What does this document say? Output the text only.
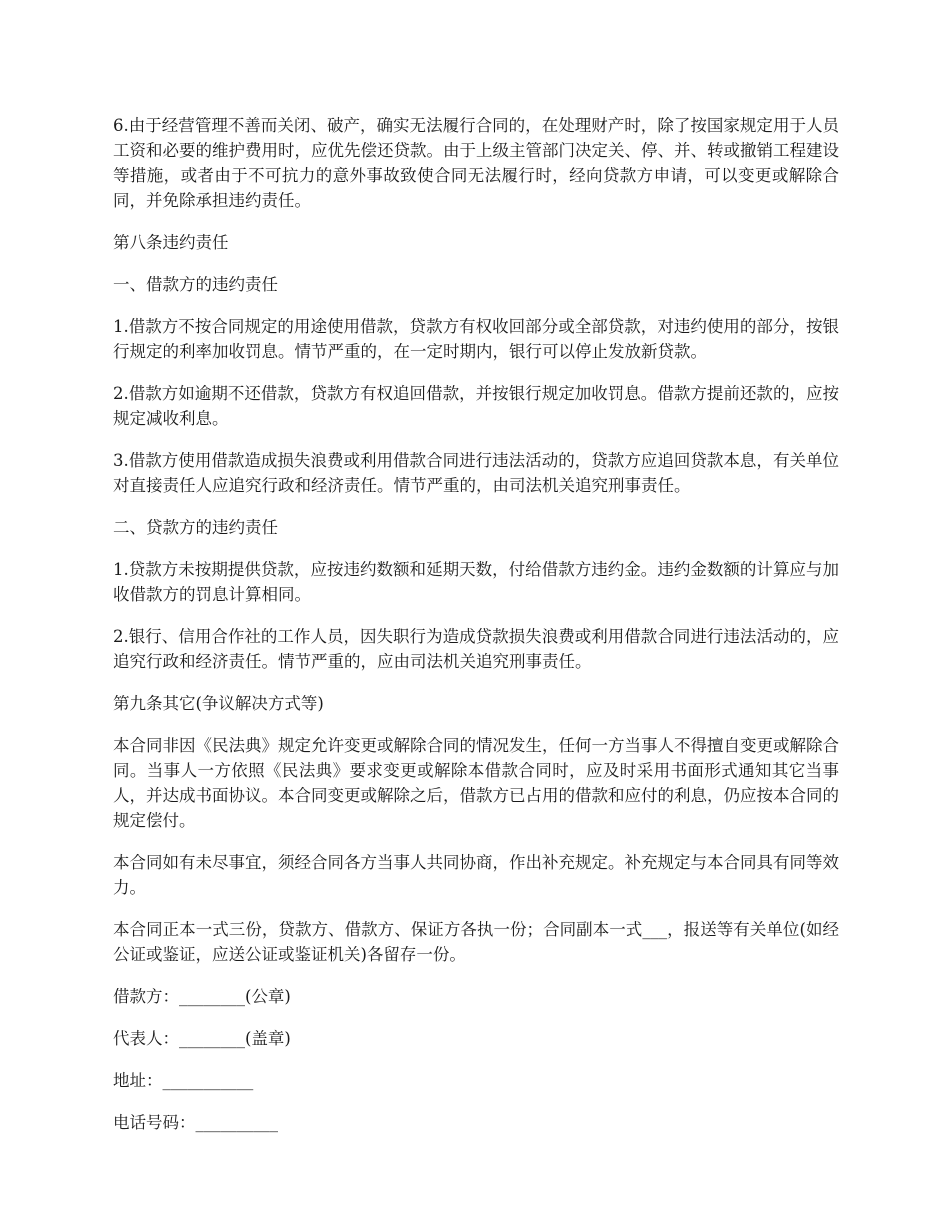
6.由于经营管理不善而关闭、破产，确实无法履行合同的，在处理财产时，除了按国家规定用于人员工资和必要的维护费用时，应优先偿还贷款。由于上级主管部门决定关、停、并、转或撤销工程建设等措施，或者由于不可抗力的意外事故致使合同无法履行时，经向贷款方申请，可以变更或解除合同，并免除承担违约责任。

第八条违约责任

一、借款方的违约责任

1.借款方不按合同规定的用途使用借款，贷款方有权收回部分或全部贷款，对违约使用的部分，按银行规定的利率加收罚息。情节严重的，在一定时期内，银行可以停止发放新贷款。

2.借款方如逾期不还借款，贷款方有权追回借款，并按银行规定加收罚息。借款方提前还款的，应按规定减收利息。

3.借款方使用借款造成损失浪费或利用借款合同进行违法活动的，贷款方应追回贷款本息，有关单位对直接责任人应追究行政和经济责任。情节严重的，由司法机关追究刑事责任。

二、贷款方的违约责任

1.贷款方未按期提供贷款，应按违约数额和延期天数，付给借款方违约金。违约金数额的计算应与加收借款方的罚息计算相同。

2.银行、信用合作社的工作人员，因失职行为造成贷款损失浪费或利用借款合同进行违法活动的，应追究行政和经济责任。情节严重的，应由司法机关追究刑事责任。

第九条其它(争议解决方式等)

本合同非因《民法典》规定允许变更或解除合同的情况发生，任何一方当事人不得擅自变更或解除合同。当事人一方依照《民法典》要求变更或解除本借款合同时，应及时采用书面形式通知其它当事人，并达成书面协议。本合同变更或解除之后，借款方已占用的借款和应付的利息，仍应按本合同的规定偿付。

本合同如有未尽事宜，须经合同各方当事人共同协商，作出补充规定。补充规定与本合同具有同等效力。

本合同正本一式三份，贷款方、借款方、保证方各执一份；合同副本一式___，报送等有关单位(如经公证或鉴证，应送公证或鉴证机关)各留存一份。

借款方：________(公章)

代表人：________(盖章)

地址：___________

电话号码：__________
